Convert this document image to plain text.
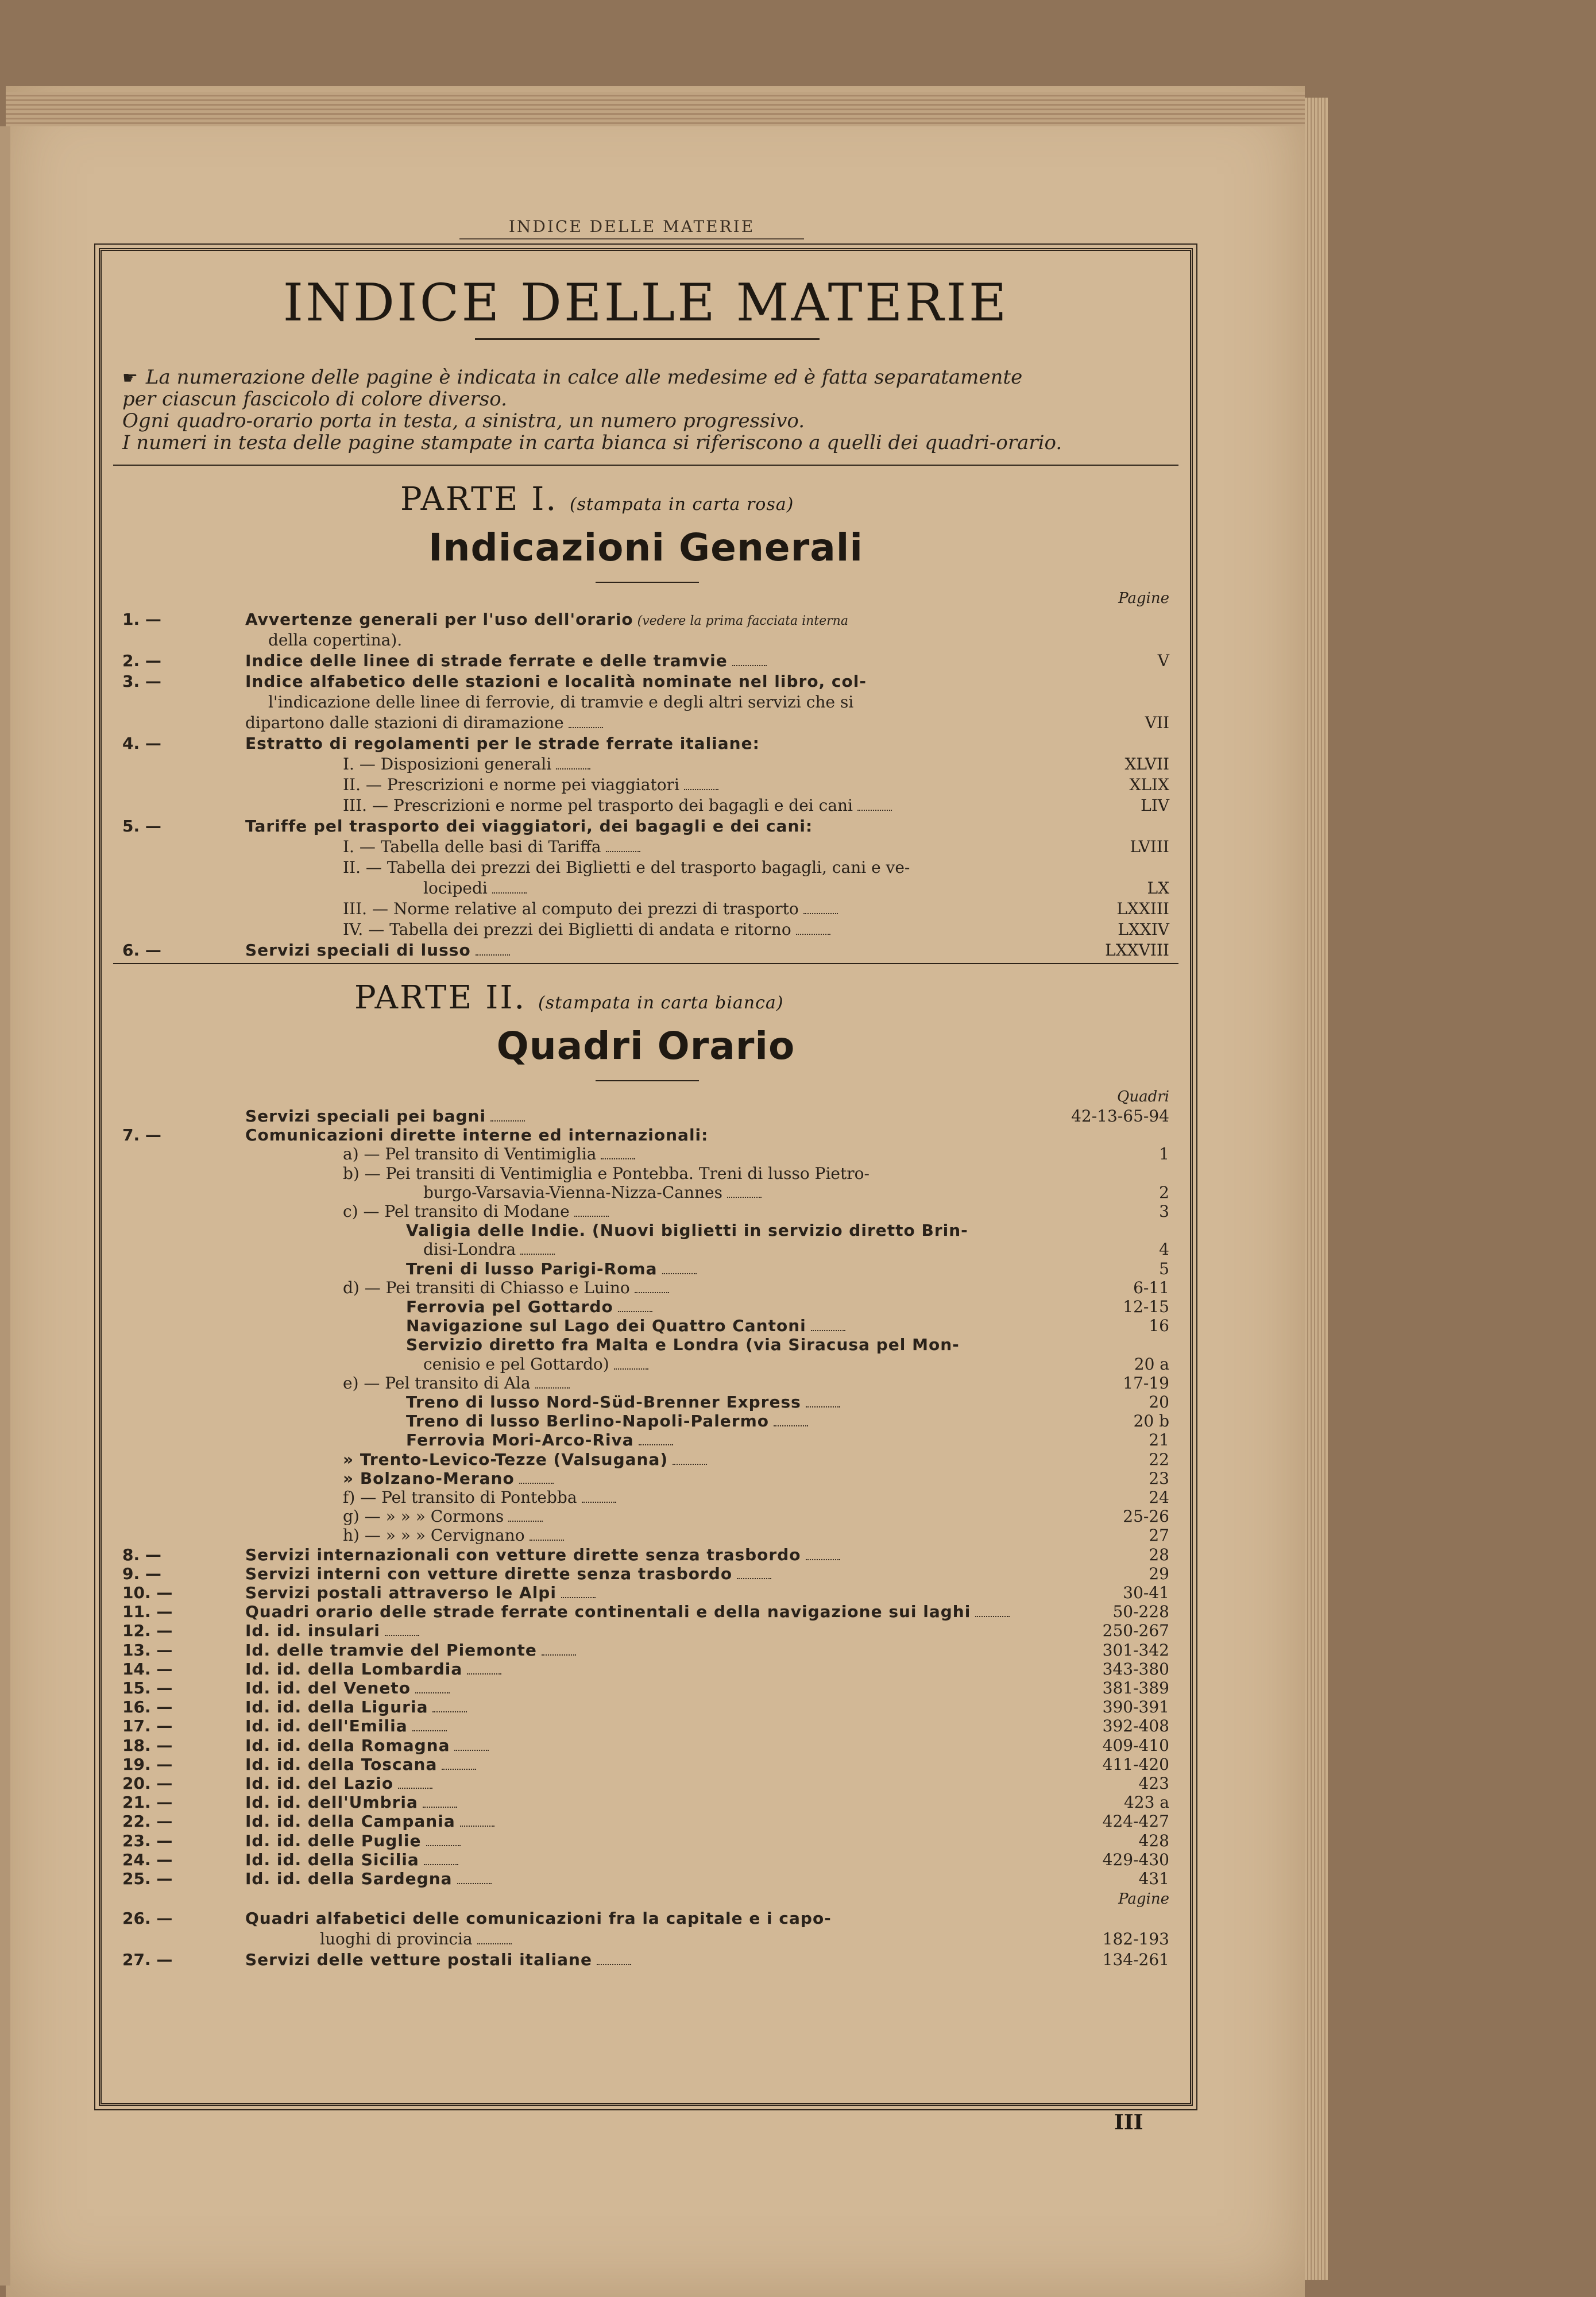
INDICE DELLE MATERIE
INDICE DELLE MATERIE
☛ La numerazione delle pagine è indicata in calce alle medesime ed è fatta separatamente
per ciascun fascicolo di colore diverso.
Ogni quadro-orario porta in testa, a sinistra, un numero progressivo.
I numeri in testa delle pagine stampate in carta bianca si riferiscono a quelli dei quadri-orario.
PARTE I. (stampata in carta rosa)
Indicazioni Generali
Pagine
1. —	Avvertenze generali per l'uso dell'orario (vedere la prima facciata interna
della copertina).
2. —	Indice delle linee di strade ferrate e delle tramvie	V
3. —	Indice alfabetico delle stazioni e località nominate nel libro, col-
l'indicazione delle linee di ferrovie, di tramvie e degli altri servizi che si
dipartono dalle stazioni di diramazione	VII
4. —	Estratto di regolamenti per le strade ferrate italiane:
I. — Disposizioni generali	XLVII
II. — Prescrizioni e norme pei viaggiatori	XLIX
III. — Prescrizioni e norme pel trasporto dei bagagli e dei cani	LIV
5. —	Tariffe pel trasporto dei viaggiatori, dei bagagli e dei cani:
I. — Tabella delle basi di Tariffa	LVIII
II. — Tabella dei prezzi dei Biglietti e del trasporto bagagli, cani e ve-
locipedi	LX
III. — Norme relative al computo dei prezzi di trasporto	LXXIII
IV. — Tabella dei prezzi dei Biglietti di andata e ritorno	LXXIV
6. —	Servizi speciali di lusso	LXXVIII
PARTE II. (stampata in carta bianca)
Quadri Orario
Quadri
Servizi speciali pei bagni	42-13-65-94
7. —	Comunicazioni dirette interne ed internazionali:
a) — Pel transito di Ventimiglia	1
b) — Pei transiti di Ventimiglia e Pontebba. Treni di lusso Pietro-
burgo-Varsavia-Vienna-Nizza-Cannes	2
c) — Pel transito di Modane	3
Valigia delle Indie. (Nuovi biglietti in servizio diretto Brin-
disi-Londra	4
Treni di lusso Parigi-Roma	5
d) — Pei transiti di Chiasso e Luino	6-11
Ferrovia pel Gottardo	12-15
Navigazione sul Lago dei Quattro Cantoni	16
Servizio diretto fra Malta e Londra (via Siracusa pel Mon-
cenisio e pel Gottardo)	20 a
e) — Pel transito di Ala	17-19
Treno di lusso Nord-Süd-Brenner Express	20
Treno di lusso Berlino-Napoli-Palermo	20 b
Ferrovia Mori-Arco-Riva	21
» Trento-Levico-Tezze (Valsugana)	22
» Bolzano-Merano	23
f) — Pel transito di Pontebba	24
g) — » » » Cormons	25-26
h) — » » » Cervignano	27
8. —	Servizi internazionali con vetture dirette senza trasbordo	28
9. —	Servizi interni con vetture dirette senza trasbordo	29
10. —	Servizi postali attraverso le Alpi	30-41
11. —	Quadri orario delle strade ferrate continentali e della navigazione sui laghi	50-228
12. —	Id. id. insulari	250-267
13. —	Id. delle tramvie del Piemonte	301-342
14. —	Id. id. della Lombardia	343-380
15. —	Id. id. del Veneto	381-389
16. —	Id. id. della Liguria	390-391
17. —	Id. id. dell'Emilia	392-408
18. —	Id. id. della Romagna	409-410
19. —	Id. id. della Toscana	411-420
20. —	Id. id. del Lazio	423
21. —	Id. id. dell'Umbria	423 a
22. —	Id. id. della Campania	424-427
23. —	Id. id. delle Puglie	428
24. —	Id. id. della Sicilia	429-430
25. —	Id. id. della Sardegna	431
Pagine
26. —	Quadri alfabetici delle comunicazioni fra la capitale e i capo-
luoghi di provincia	182-193
27. —	Servizi delle vetture postali italiane	134-261
III
